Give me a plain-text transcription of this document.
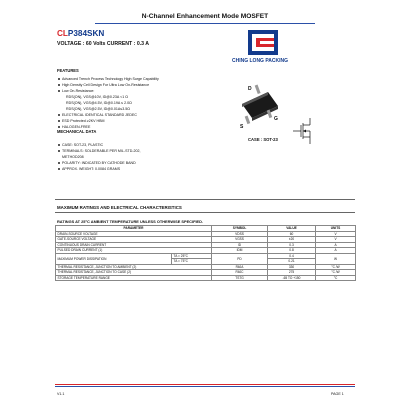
N-Channel Enhancement Mode MOSFET
CLP384SKN
VOLTAGE : 60 Volts CURRENT : 0.3 A
CHING LONG PACKING
FEATURES
Advanced Trench Process Technology High Surge Capability
High Density Cell Design For Ultra Low On-Resistance
Low On-Resistance:
RDS(ON), VGS@10V, ID@0.23A <1 Ω
RDS(ON), VGS@4.5V, ID@0.19A ≤ 2.0Ω
RDS(ON), VGS@2.5V, ID@0.01A≤3.5Ω
ELECTRICAL IDENTICAL STANDARD JEDEC
ESD Protected ≥2KV HBM
HALOGEN-FREE
D
S
G
CASE : SOT-23
MECHANICAL DATA
CASE: SOT-23, PLASTIC
TERMINALS: SOLDERABLE PER MIL-STD-202,
METHOD208
POLARITY: INDICATED BY CATHODE BAND
APPROX. WEIGHT: 0.0084 GRAMS
MAXIMUM RATINGS AND ELECTRICAL CHARACTERISTICS
RATINGS AT 25°C AMBIENT TEMPERATURE UNLESS OTHERWISE SPECIFIED.
PARAMETER		SYMBOL	VALUE	UNITS
DRAIN-SOURCE VOLTAGE		VDSS	60	V
GATE-SOURCE VOLTAGE		VGSS	±20	V
CONTINUOUS DRAIN CURRENT		ID	0.3	A
PULSED DRAIN CURRENT (1)		IDM	0.8	A
MAXIMUM POWER DISSIPATION	TA = 25°C	PD	0.4	W
	TA = 75°C		0.21	
THERMAL RESISTANCE, JUNCTION TO AMBIENT (2)		RθJA	330	°C /W
THERMAL RESISTANCE, JUNCTION TO CASE (2)		RθJC	275	°C /W
STORAGE TEMPERATURE RANGE		TSTG	-65 TO +150	°C
V1.1	PAGE 1
